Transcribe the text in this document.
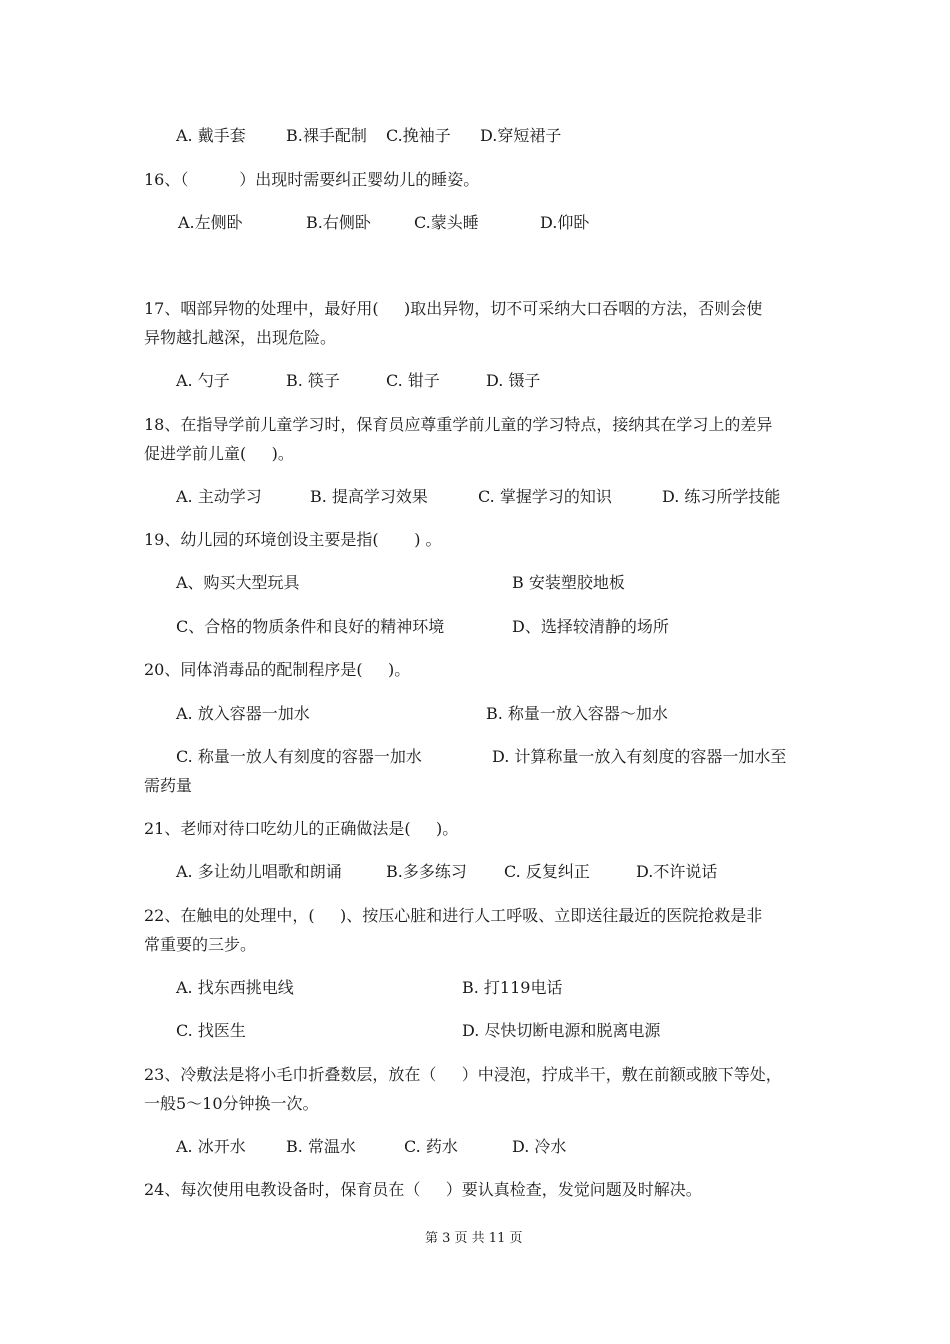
A. 戴手套	B.裸手配制 C.挽袖子 D.穿短裙子
16、（          ）出现时需要纠正婴幼儿的睡姿。
A.左侧卧	B.右侧卧	C.蒙头睡	D.仰卧
17、咽部异物的处理中，最好用(     )取出异物，切不可采纳大口吞咽的方法，否则会使
异物越扎越深，出现危险。
A. 勺子	B. 筷子	C. 钳子	D. 镊子
18、在指导学前儿童学习时，保育员应尊重学前儿童的学习特点，接纳其在学习上的差异
促进学前儿童(     )。
A. 主动学习	B. 提高学习效果	C. 掌握学习的知识	D. 练习所学技能
19、幼儿园的环境创设主要是指(       ) 。
A、购买大型玩具	B 安装塑胶地板
C、合格的物质条件和良好的精神环境	D、选择较清静的场所
20、同体消毒品的配制程序是(     )。
A. 放入容器一加水	B. 称量一放入容器～加水
C. 称量一放人有刻度的容器一加水	D. 计算称量一放入有刻度的容器一加水至
需药量
21、老师对待口吃幼儿的正确做法是(     )。
A. 多让幼儿唱歌和朗诵	B.多多练习 C. 反复纠正	D.不许说话
22、在触电的处理中，(     )、按压心脏和进行人工呼吸、立即送往最近的医院抢救是非
常重要的三步。
A. 找东西挑电线	B. 打119电话
C. 找医生	D. 尽快切断电源和脱离电源
23、冷敷法是将小毛巾折叠数层，放在（     ）中浸泡，拧成半干，敷在前额或腋下等处，
一般5～10分钟换一次。
A. 冰开水	B. 常温水	C. 药水	D. 冷水
24、每次使用电教设备时，保育员在（     ）要认真检查，发觉问题及时解决。
第 3 页 共 11 页
